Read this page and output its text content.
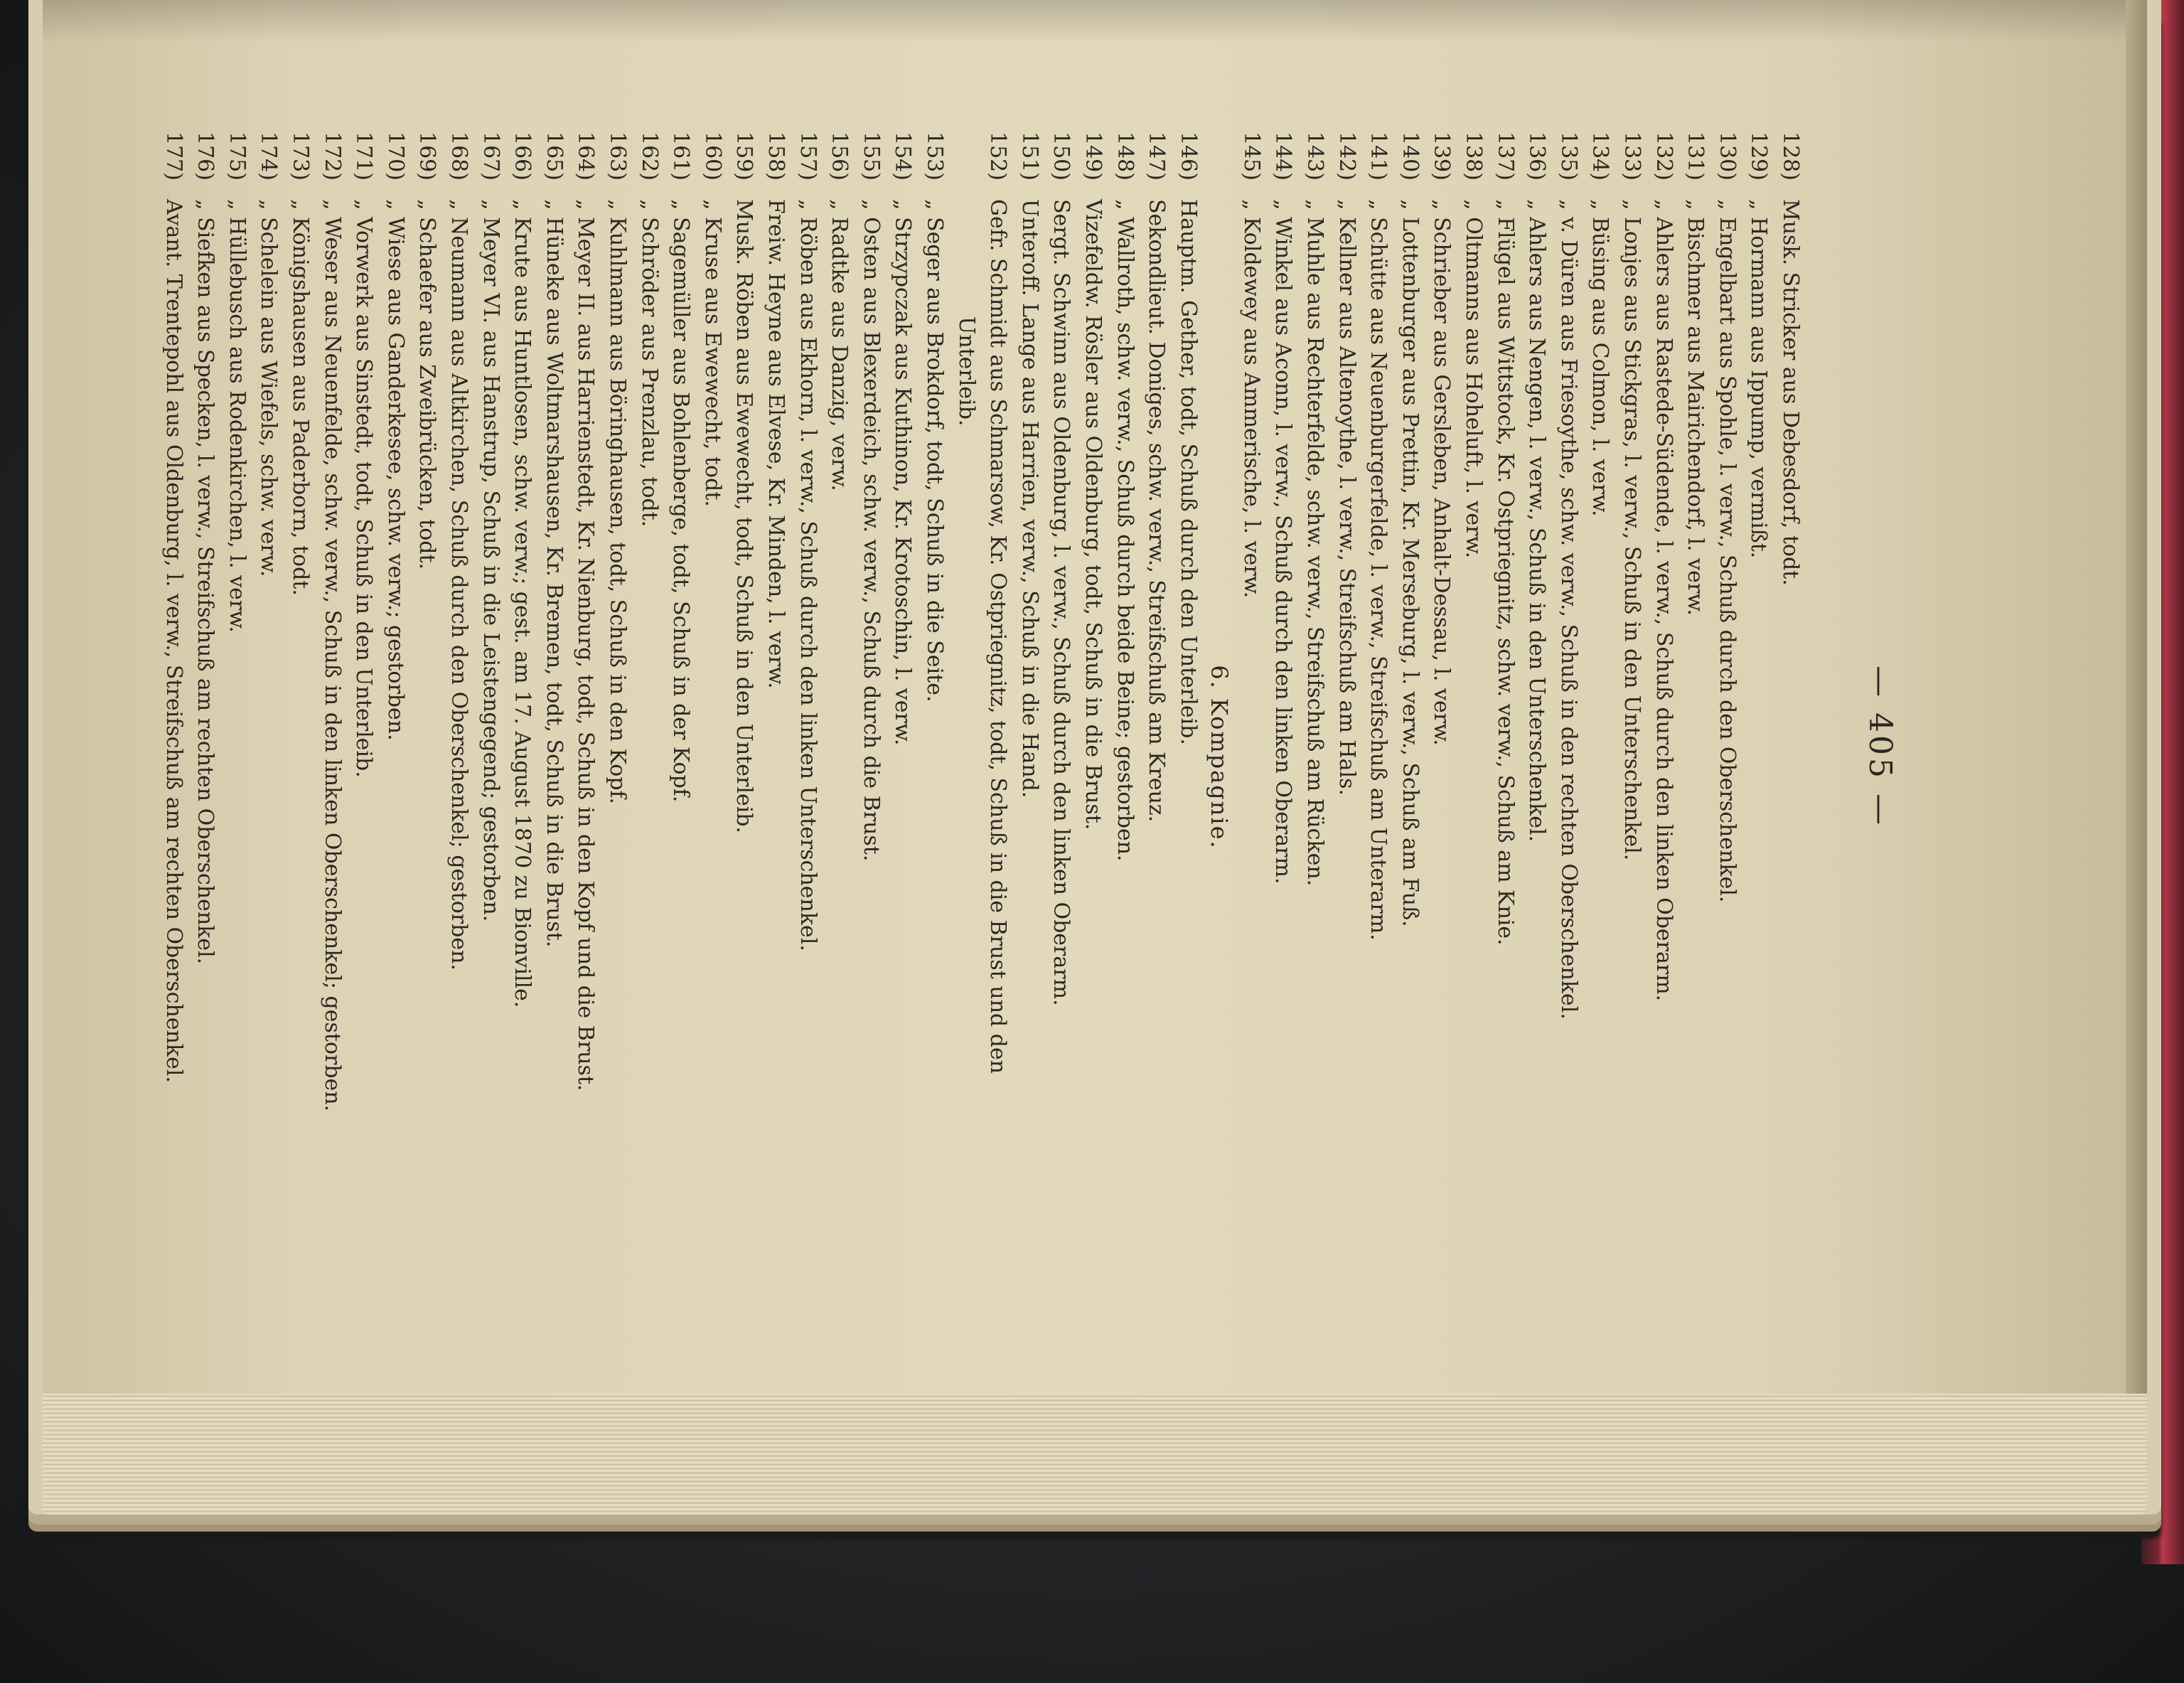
— 405 —
128)
Musk. Stricker aus Debesdorf, todt.
129)
„ Hormann aus Ippump, vermißt.
130)
„ Engelbart aus Spohle, l. verw., Schuß durch den Oberschenkel.
131)
„ Bischmer aus Mairichendorf, l. verw.
132)
„ Ahlers aus Rastede-Südende, l. verw., Schuß durch den linken Oberarm.
133)
„ Lonjes aus Stickgras, l. verw., Schuß in den Unterschenkel.
134)
„ Büsing aus Colmon, l. verw.
135)
„ v. Düren aus Friesoythe, schw. verw., Schuß in den rechten Oberschenkel.
136)
„ Ahlers aus Nengen, l. verw., Schuß in den Unterschenkel.
137)
„ Flügel aus Wittstock, Kr. Ostpriegnitz, schw. verw., Schuß am Knie.
138)
„ Oltmanns aus Hoheluft, l. verw.
139)
„ Schrieber aus Gersleben, Anhalt-Dessau, l. verw.
140)
„ Lottenburger aus Prettin, Kr. Merseburg, l. verw., Schuß am Fuß.
141)
„ Schütte aus Neuenburgerfelde, l. verw., Streifschuß am Unterarm.
142)
„ Kellner aus Altenoythe, l. verw., Streifschuß am Hals.
143)
„ Muhle aus Rechterfelde, schw. verw., Streifschuß am Rücken.
144)
„ Winkel aus Aconn, l. verw., Schuß durch den linken Oberarm.
145)
„ Koldewey aus Ammerische, l. verw.
6. Kompagnie.
146)
Hauptm. Gether, todt, Schuß durch den Unterleib.
147)
Sekondlieut. Doniges, schw. verw., Streifschuß am Kreuz.
148)
„ Wallroth, schw. verw., Schuß durch beide Beine; gestorben.
149)
Vizefeldw. Rösler aus Oldenburg, todt, Schuß in die Brust.
150)
Sergt. Schwinn aus Oldenburg, l. verw., Schuß durch den linken Oberarm.
151)
Unteroff. Lange aus Harrien, verw., Schuß in die Hand.
152)
Gefr. Schmidt aus Schmarsow, Kr. Ostpriegnitz, todt, Schuß in die Brust und den
Unterleib.
153)
„ Seger aus Brokdorf, todt, Schuß in die Seite.
154)
„ Strzypczak aus Kuthinon, Kr. Krotoschin, l. verw.
155)
„ Osten aus Blexerdeich, schw. verw., Schuß durch die Brust.
156)
„ Radtke aus Danzig, verw.
157)
„ Röben aus Ekhorn, l. verw., Schuß durch den linken Unterschenkel.
158)
Freiw. Heyne aus Elvese, Kr. Minden, l. verw.
159)
Musk. Röben aus Ewewecht, todt, Schuß in den Unterleib.
160)
„ Kruse aus Ewewecht, todt.
161)
„ Sagemüller aus Bohlenberge, todt, Schuß in der Kopf.
162)
„ Schröder aus Prenzlau, todt.
163)
„ Kuhlmann aus Böringhausen, todt, Schuß in den Kopf.
164)
„ Meyer II. aus Harrienstedt, Kr. Nienburg, todt, Schuß in den Kopf und die Brust.
165)
„ Hüneke aus Woltmarshausen, Kr. Bremen, todt, Schuß in die Brust.
166)
„ Krute aus Huntlosen, schw. verw.; gest. am 17. August 1870 zu Bionville.
167)
„ Meyer VI. aus Hanstrup, Schuß in die Leistengegend; gestorben.
168)
„ Neumann aus Altkirchen, Schuß durch den Oberschenkel; gestorben.
169)
„ Schaefer aus Zweibrücken, todt.
170)
„ Wiese aus Ganderkesee, schw. verw.; gestorben.
171)
„ Vorwerk aus Sinstedt, todt, Schuß in den Unterleib.
172)
„ Weser aus Neuenfelde, schw. verw., Schuß in den linken Oberschenkel; gestorben.
173)
„ Königshausen aus Paderborn, todt.
174)
„ Schelein aus Wiefels, schw. verw.
175)
„ Hüllebusch aus Rodenkirchen, l. verw.
176)
„ Siefken aus Specken, l. verw., Streifschuß am rechten Oberschenkel.
177)
Avant. Trentepohl aus Oldenburg, l. verw., Streifschuß am rechten Oberschenkel.
